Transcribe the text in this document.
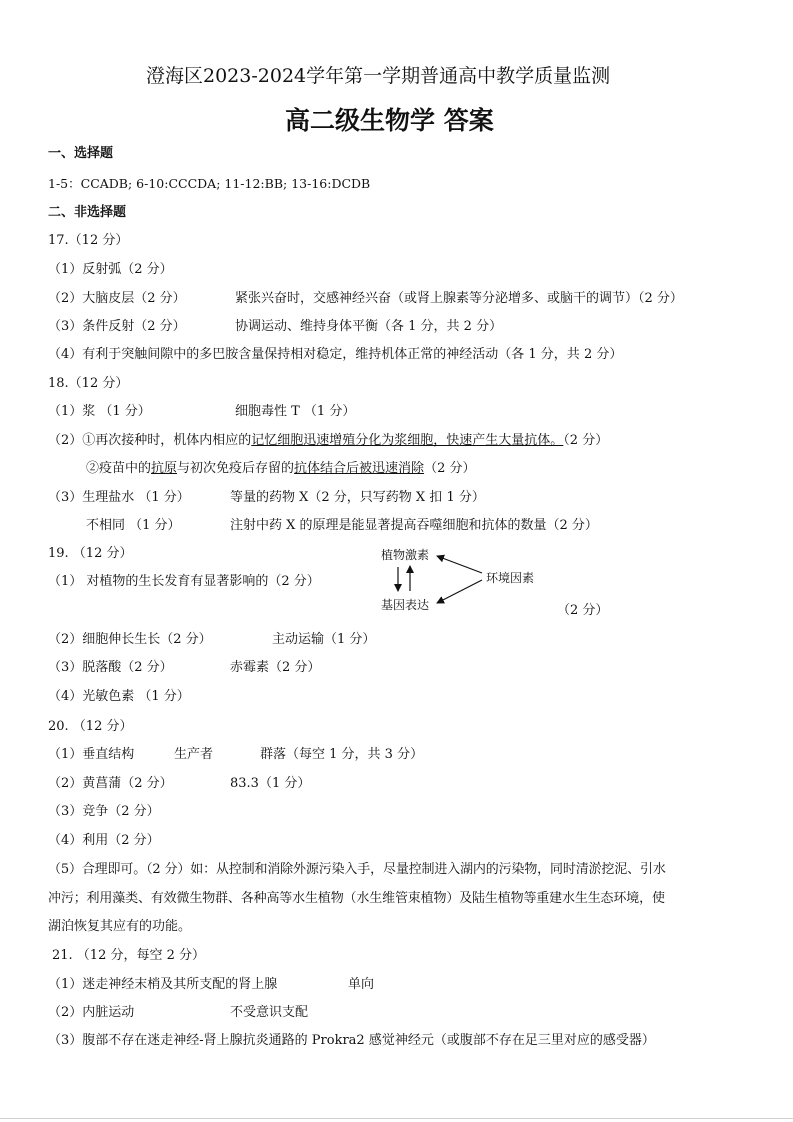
澄海区2023-2024学年第一学期普通高中教学质量监测
高二级生物学 答案
一、选择题
1-5：CCADB; 6-10:CCCDA; 11-12:BB; 13-16:DCDB
二、非选择题
17.（12 分）
（1）反射弧（2 分）
（2）大脑皮层（2 分）	紧张兴奋时，交感神经兴奋（或肾上腺素等分泌增多、或脑干的调节）（2 分）
（3）条件反射（2 分）	协调运动、维持身体平衡（各 1 分，共 2 分）
（4）有利于突触间隙中的多巴胺含量保持相对稳定，维持机体正常的神经活动（各 1 分，共 2 分）
18.（12 分）
（1）浆 （1 分）	细胞毒性 T （1 分）
（2）①再次接种时，机体内相应的记忆细胞迅速增殖分化为浆细胞，快速产生大量抗体。（2 分）
②疫苗中的抗原与初次免疫后存留的抗体结合后被迅速消除（2 分）
（3）生理盐水 （1 分）	等量的药物 X（2 分，只写药物 X 扣 1 分）
不相同 （1 分）	注射中药 X 的原理是能显著提高吞噬细胞和抗体的数量（2 分）
19. （12 分）
（1） 对植物的生长发育有显著影响的（2 分）
植物激素
基因表达
环境因素
（2 分）
（2）细胞伸长生长（2 分）	主动运输（1 分）
（3）脱落酸（2 分）	赤霉素（2 分）
（4）光敏色素 （1 分）
20. （12 分）
（1）垂直结构	生产者	群落（每空 1 分，共 3 分）
（2）黄菖蒲（2 分）	83.3（1 分）
（3）竞争（2 分）
（4）利用（2 分）
（5）合理即可。（2 分）如：从控制和消除外源污染入手，尽量控制进入湖内的污染物，同时清淤挖泥、引水
冲污；利用藻类、有效微生物群、各种高等水生植物（水生维管束植物）及陆生植物等重建水生生态环境，使
湖泊恢复其应有的功能。
21. （12 分，每空 2 分）
（1）迷走神经末梢及其所支配的肾上腺	单向
（2）内脏运动	不受意识支配
（3）腹部不存在迷走神经-肾上腺抗炎通路的 Prokra2 感觉神经元（或腹部不存在足三里对应的感受器）
